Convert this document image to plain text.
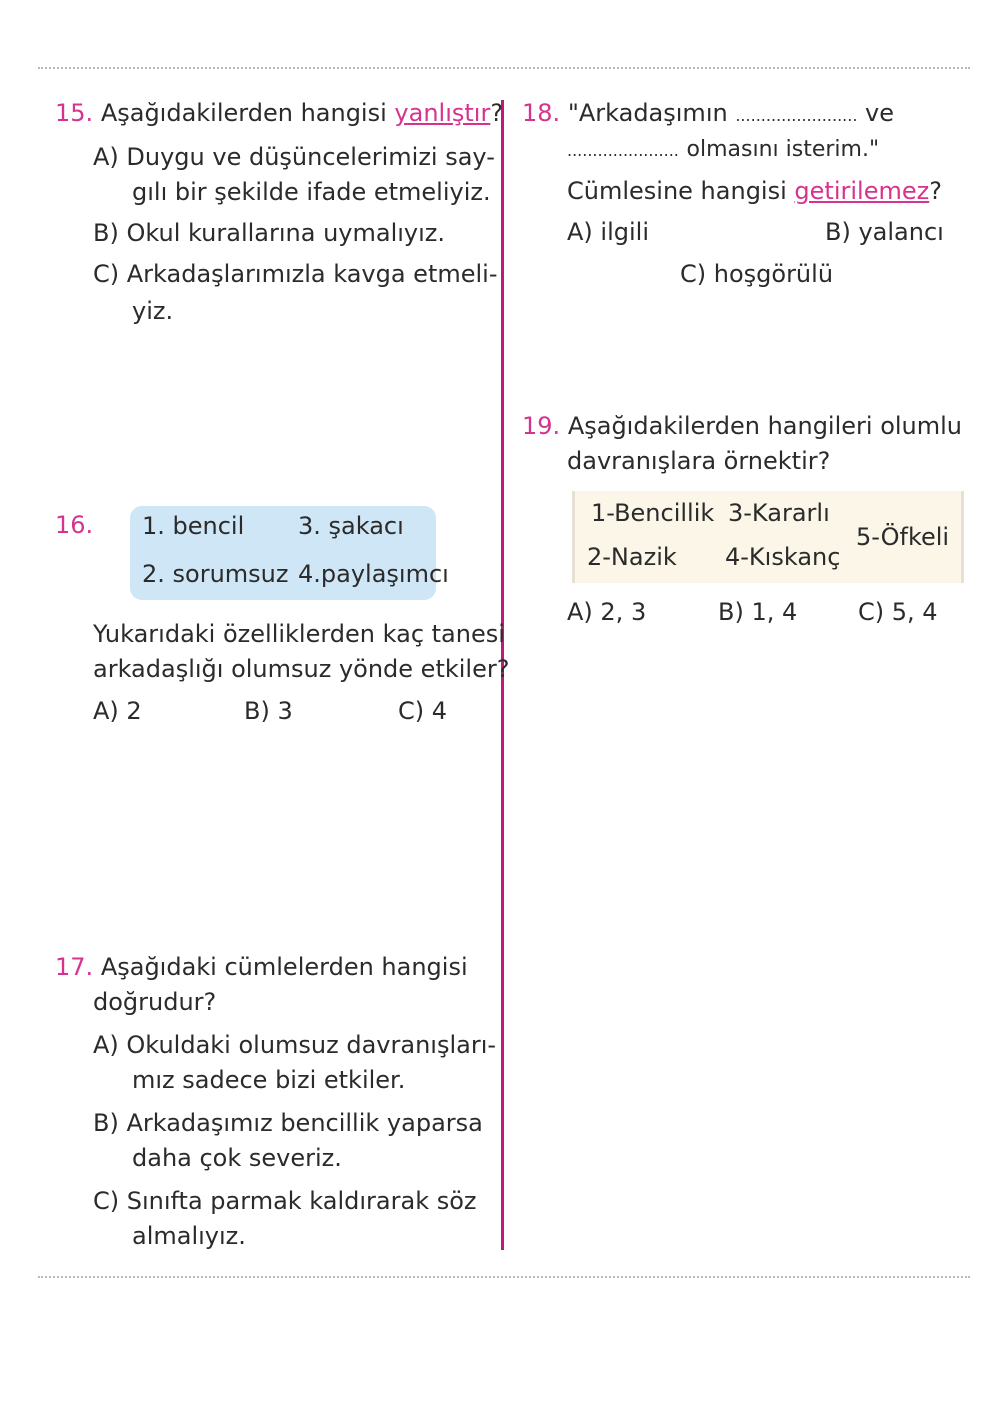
15. Aşağıdakilerden hangisi yanlıştır?
A) Duygu ve düşüncelerimizi say-
gılı bir şekilde ifade etmeliyiz.
B) Okul kurallarına uymalıyız.
C) Arkadaşlarımızla kavga etmeli-
yiz.
16. 1. bencil 3. şakacı
2. sorumsuz 4.paylaşımcı
Yukarıdaki özelliklerden kaç tanesi
arkadaşlığı olumsuz yönde etkiler?
A) 2	B) 3	C) 4
17. Aşağıdaki cümlelerden hangisi
doğrudur?
A) Okuldaki olumsuz davranışları-
mız sadece bizi etkiler.
B) Arkadaşımız bencillik yaparsa
daha çok severiz.
C) Sınıfta parmak kaldırarak söz
almalıyız.
18. "Arkadaşımın ........................ ve
...................... olmasını isterim."
Cümlesine hangisi getirilemez?
A) ilgili	B) yalancı
C) hoşgörülü
19. Aşağıdakilerden hangileri olumlu
davranışlara örnektir?
1-Bencillik 3-Kararlı
2-Nazik 4-Kıskanç
5-Öfkeli
A) 2, 3	B) 1, 4	C) 5, 4
